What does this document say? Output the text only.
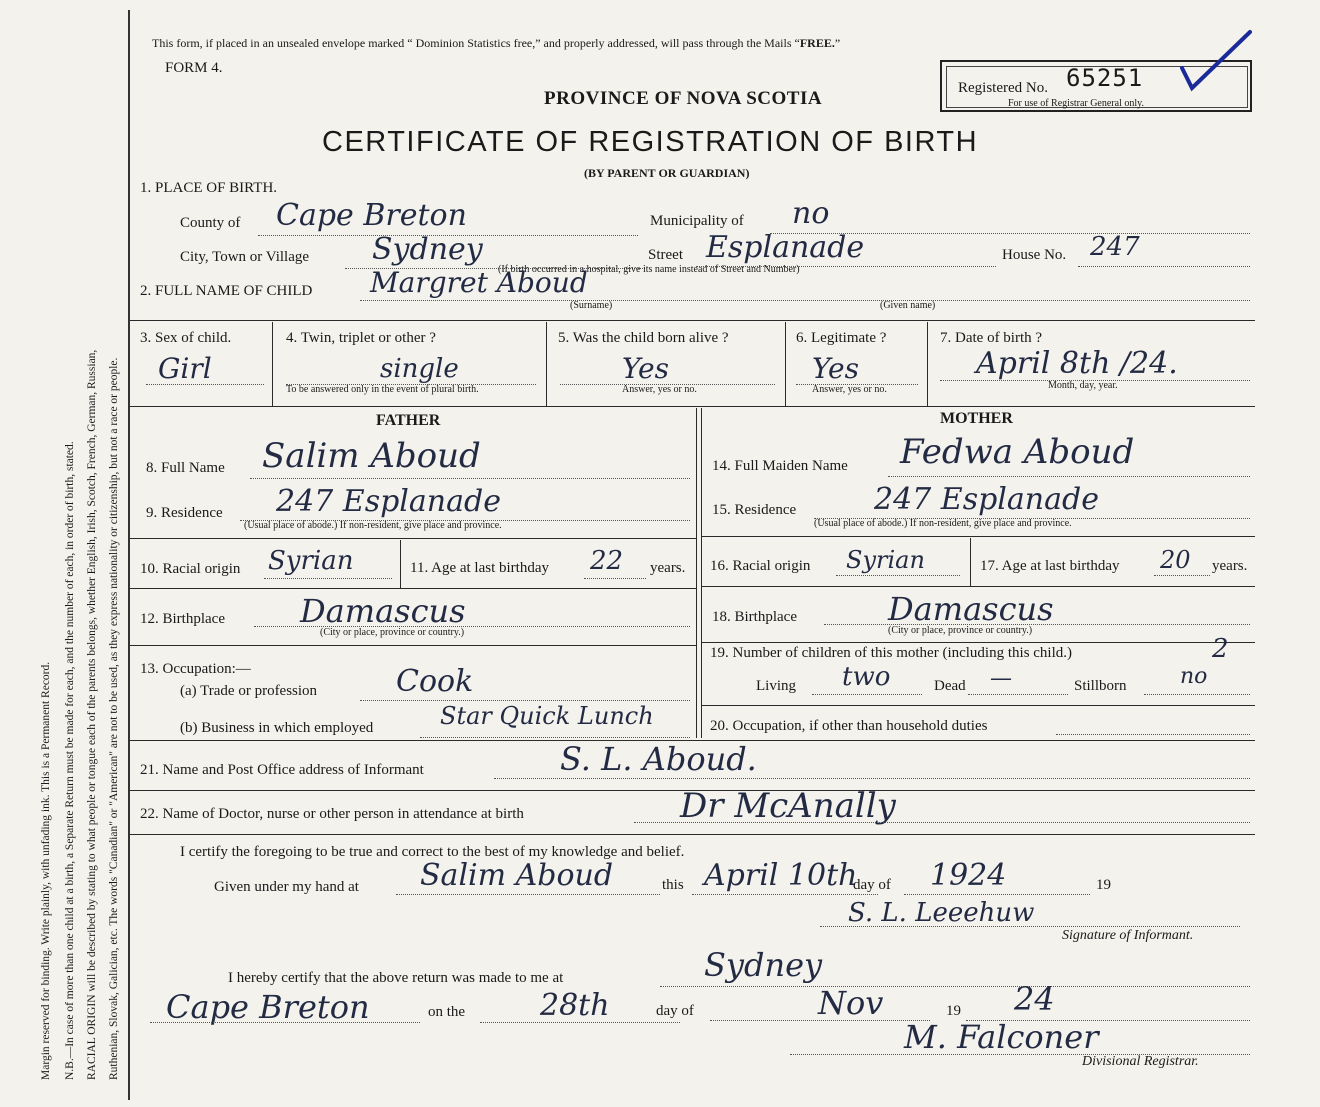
Margin reserved for binding. Write plainly, with unfading ink. This is a Permanent Record. N.B.—In case of more than one child at a birth, a Separate Return must be made for each, and the number of each, in order of birth, stated. RACIAL ORIGIN will be described by stating to what people or tongue each of the parents belongs, whether English, Irish, Scotch, French, German, Russian, Ruthenian, Slovak, Galician, etc. The words "Canadian" or "American" are not to be used, as they express nationality or citizenship, but not a race or people.
This form, if placed in an unsealed envelope marked “ Dominion Statistics free,” and properly addressed, will pass through the Mails “FREE.”
FORM 4.
Registered No. 65251
For use of Registrar General only.
PROVINCE OF NOVA SCOTIA
CERTIFICATE OF REGISTRATION OF BIRTH
(BY PARENT OR GUARDIAN)
1. PLACE OF BIRTH.
County of Cape Breton	Municipality of no
City, Town or Village Sydney	Street Esplanade	House No. 247
(If birth occurred in a hospital, give its name instead of Street and Number)
2. FULL NAME OF CHILD Margret Aboud
(Surname)	(Given name)
3. Sex of child.
Girl
4. Twin, triplet or other ?
single
To be answered only in the event of plural birth.
5. Was the child born alive ?
Yes
Answer, yes or no.
6. Legitimate ?
Yes
Answer, yes or no.
7. Date of birth ?
April 8th /24.
Month, day, year.
FATHER	MOTHER
8. Full Name Salim Aboud
9. Residence 247 Esplanade
(Usual place of abode.) If non-resident, give place and province.
10. Racial origin Syrian	11. Age at last birthday 22 years.
12. Birthplace Damascus
(City or place, province or country.)
13. Occupation:—
(a) Trade or profession	Cook
(b) Business in which employed	Star Quick Lunch
14. Full Maiden Name Fedwa Aboud
15. Residence	247 Esplanade
(Usual place of abode.) If non-resident, give place and province.
16. Racial origin Syrian	17. Age at last birthday 20 years.
18. Birthplace	Damascus
(City or place, province or country.)
19. Number of children of this mother (including this child.)	2
Living two	Dead —	Stillborn no
20. Occupation, if other than household duties
21. Name and Post Office address of Informant	S. L. Aboud.
22. Name of Doctor, nurse or other person in attendance at birth	Dr McAnally
I certify the foregoing to be true and correct to the best of my knowledge and belief.
Given under my hand at Salim Aboud	this April 10th
day of 1924	19
S. L. Leeehuw
Signature of Informant.
I hereby certify that the above return was made to me at	Sydney
Cape Breton	on the 28th	day of	Nov	19 24
M. Falconer
Divisional Registrar.
